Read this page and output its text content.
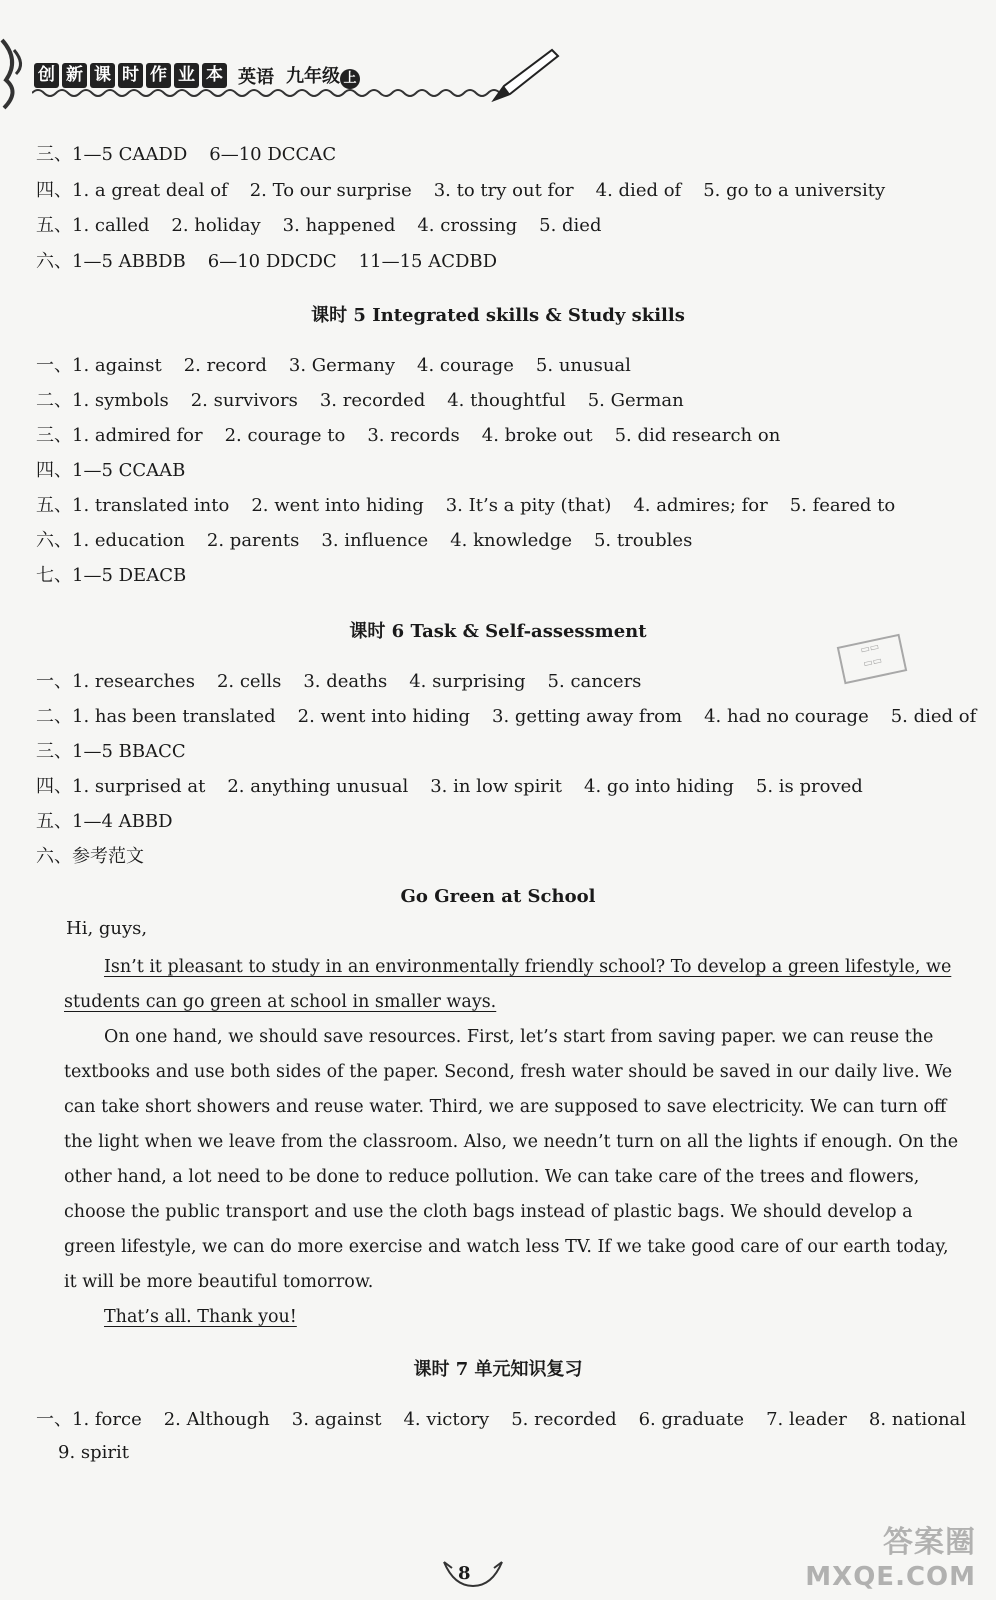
创 新 课 时 作 业 本 英语 九年级 上
三、1—5 CAADD 6—10 DCCAC
四、1. a great deal of 2. To our surprise 3. to try out for 4. died of 5. go to a university
五、1. called 2. holiday 3. happened 4. crossing 5. died
六、1—5 ABBDB 6—10 DDCDC 11—15 ACDBD
课时 5 Integrated skills & Study skills
一、1. against 2. record 3. Germany 4. courage 5. unusual
二、1. symbols 2. survivors 3. recorded 4. thoughtful 5. German
三、1. admired for 2. courage to 3. records 4. broke out 5. did research on
四、1—5 CCAAB
五、1. translated into 2. went into hiding 3. It’s a pity (that) 4. admires; for 5. feared to
六、1. education 2. parents 3. influence 4. knowledge 5. troubles
七、1—5 DEACB
课时 6 Task & Self-assessment
▭▭
▭▭
一、1. researches 2. cells 3. deaths 4. surprising 5. cancers
二、1. has been translated 2. went into hiding 3. getting away from 4. had no courage 5. died of
三、1—5 BBACC
四、1. surprised at 2. anything unusual 3. in low spirit 4. go into hiding 5. is proved
五、1—4 ABBD
六、参考范文
Go Green at School
Hi, guys,

Isn’t it pleasant to study in an environmentally friendly school? To develop a green lifestyle, we students can go green at school in smaller ways.

On one hand, we should save resources. First, let’s start from saving paper. we can reuse the textbooks and use both sides of the paper. Second, fresh water should be saved in our daily live. We can take short showers and reuse water. Third, we are supposed to save electricity. We can turn off the light when we leave from the classroom. Also, we needn’t turn on all the lights if enough. On the other hand, a lot need to be done to reduce pollution. We can take care of the trees and flowers, choose the public transport and use the cloth bags instead of plastic bags. We should develop a green lifestyle, we can do more exercise and watch less TV. If we take good care of our earth today, it will be more beautiful tomorrow.

That’s all. Thank you!

课时 7 单元知识复习
一、1. force 2. Although 3. against 4. victory 5. recorded 6. graduate 7. leader 8. national
9. spirit
8
答案圈
MXQE.COM
